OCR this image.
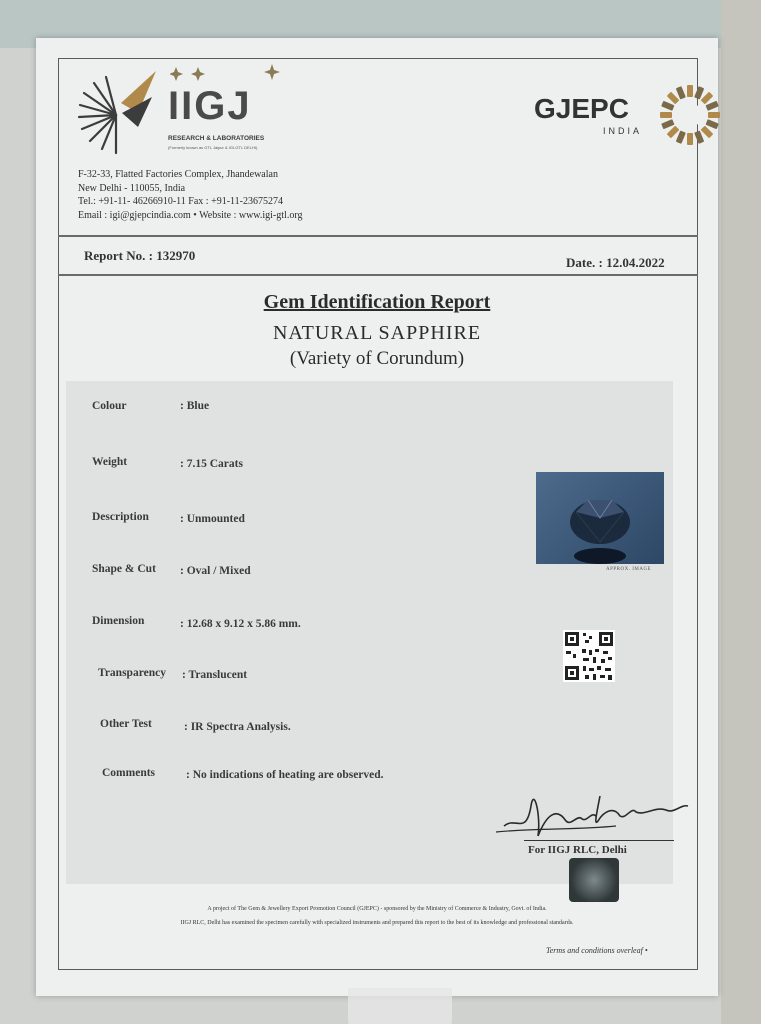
IIGJ
RESEARCH & LABORATORIES
(Formerly known as GTL Jaipur & IGI-GTL DELHI)
GJEPC
INDIA
F-32-33, Flatted Factories Complex, Jhandewalan
New Delhi - 110055, India
Tel.: +91-11- 46266910-11 Fax : +91-11-23675274
Email : igi@gjepcindia.com • Website : www.igi-gtl.org
Report No. : 132970	Date. : 12.04.2022
Gem Identification Report
NATURAL SAPPHIRE
(Variety of Corundum)
Colour	: Blue
Weight	: 7.15 Carats
Description	: Unmounted
Shape & Cut : Oval / Mixed
Dimension	: 12.68 x 9.12 x 5.86 mm.
Transparency : Translucent
Other Test	: IR Spectra Analysis.
Comments	: No indications of heating are observed.
APPROX. IMAGE
For IIGJ RLC, Delhi
A project of The Gem & Jewellery Export Promotion Council (GJEPC) - sponsored by the Ministry of Commerce & Industry, Govt. of India.
IIGJ RLC, Delhi has examined the specimen carefully with specialized instruments and prepared this report to the best of its knowledge and professional standards.
Terms and conditions overleaf •
